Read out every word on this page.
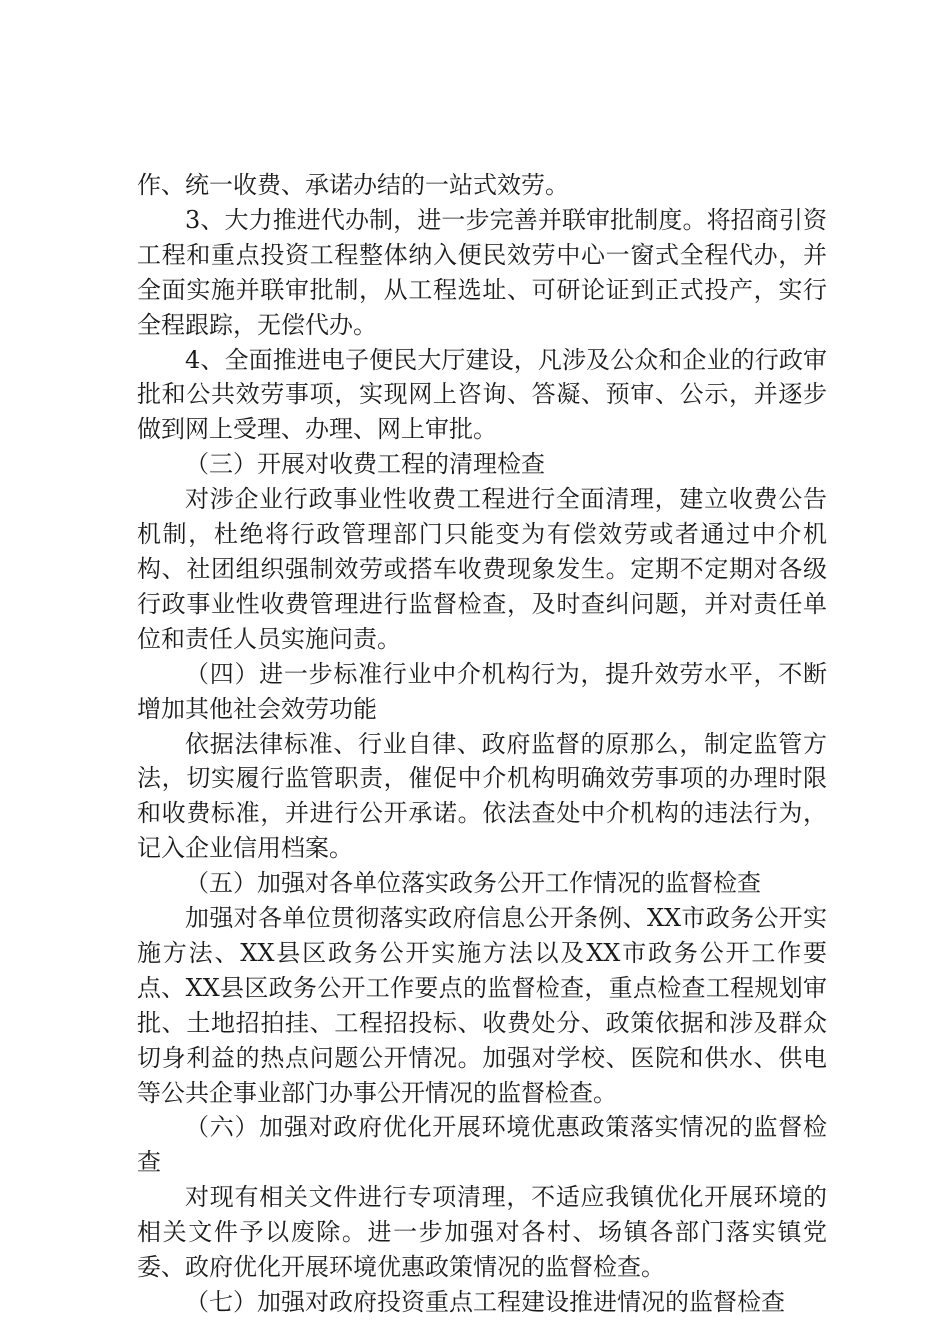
作、统一收费、承诺办结的一站式效劳。

3、大力推进代办制，进一步完善并联审批制度。将招商引资工程和重点投资工程整体纳入便民效劳中心一窗式全程代办，并全面实施并联审批制，从工程选址、可研论证到正式投产，实行全程跟踪，无偿代办。

4、全面推进电子便民大厅建设，凡涉及公众和企业的行政审批和公共效劳事项，实现网上咨询、答凝、预审、公示，并逐步做到网上受理、办理、网上审批。

（三）开展对收费工程的清理检查

对涉企业行政事业性收费工程进行全面清理，建立收费公告机制，杜绝将行政管理部门只能变为有偿效劳或者通过中介机构、社团组织强制效劳或搭车收费现象发生。定期不定期对各级行政事业性收费管理进行监督检查，及时查纠问题，并对责任单位和责任人员实施问责。

（四）进一步标准行业中介机构行为，提升效劳水平，不断增加其他社会效劳功能

依据法律标准、行业自律、政府监督的原那么，制定监管方法，切实履行监管职责，催促中介机构明确效劳事项的办理时限和收费标准，并进行公开承诺。依法查处中介机构的违法行为，记入企业信用档案。

（五）加强对各单位落实政务公开工作情况的监督检查

加强对各单位贯彻落实政府信息公开条例、XX市政务公开实施方法、XX县区政务公开实施方法以及XX市政务公开工作要点、XX县区政务公开工作要点的监督检查，重点检查工程规划审批、土地招拍挂、工程招投标、收费处分、政策依据和涉及群众切身利益的热点问题公开情况。加强对学校、医院和供水、供电等公共企事业部门办事公开情况的监督检查。

（六）加强对政府优化开展环境优惠政策落实情况的监督检查

对现有相关文件进行专项清理，不适应我镇优化开展环境的相关文件予以废除。进一步加强对各村、场镇各部门落实镇党委、政府优化开展环境优惠政策情况的监督检查。

（七）加强对政府投资重点工程建设推进情况的监督检查
